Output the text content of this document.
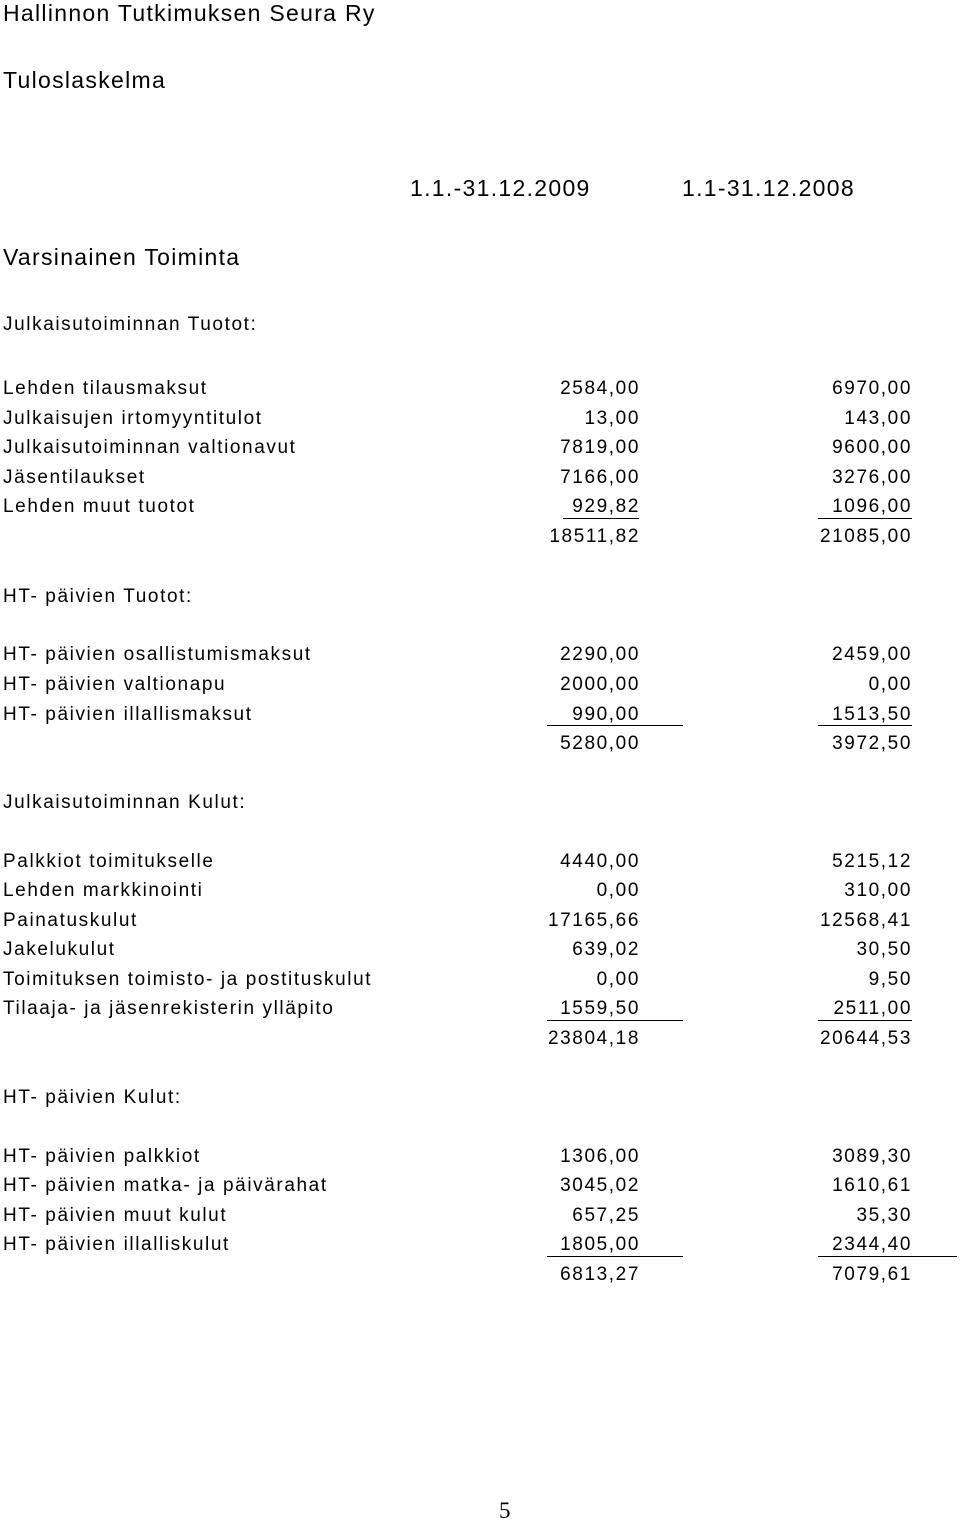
Hallinnon Tutkimuksen Seura Ry
Tuloslaskelma
1.1.-31.12.2009	1.1-31.12.2008
Varsinainen Toiminta
Julkaisutoiminnan Tuotot:
Lehden tilausmaksut	2584,00	6970,00
Julkaisujen irtomyyntitulot	13,00	143,00
Julkaisutoiminnan valtionavut	7819,00	9600,00
Jäsentilaukset	7166,00	3276,00
Lehden muut tuotot	929,82	1096,00
18511,82	21085,00
HT- päivien Tuotot:
HT- päivien osallistumismaksut	2290,00	2459,00
HT- päivien valtionapu	2000,00	0,00
HT- päivien illallismaksut	990,00	1513,50
5280,00	3972,50
Julkaisutoiminnan Kulut:
Palkkiot toimitukselle	4440,00	5215,12
Lehden markkinointi	0,00	310,00
Painatuskulut	17165,66	12568,41
Jakelukulut	639,02	30,50
Toimituksen toimisto- ja postituskulut	0,00	9,50
Tilaaja- ja jäsenrekisterin ylläpito	1559,50	2511,00
23804,18	20644,53
HT- päivien Kulut:
HT- päivien palkkiot	1306,00	3089,30
HT- päivien matka- ja päivärahat	3045,02	1610,61
HT- päivien muut kulut	657,25	35,30
HT- päivien illalliskulut	1805,00	2344,40
6813,27	7079,61
5
